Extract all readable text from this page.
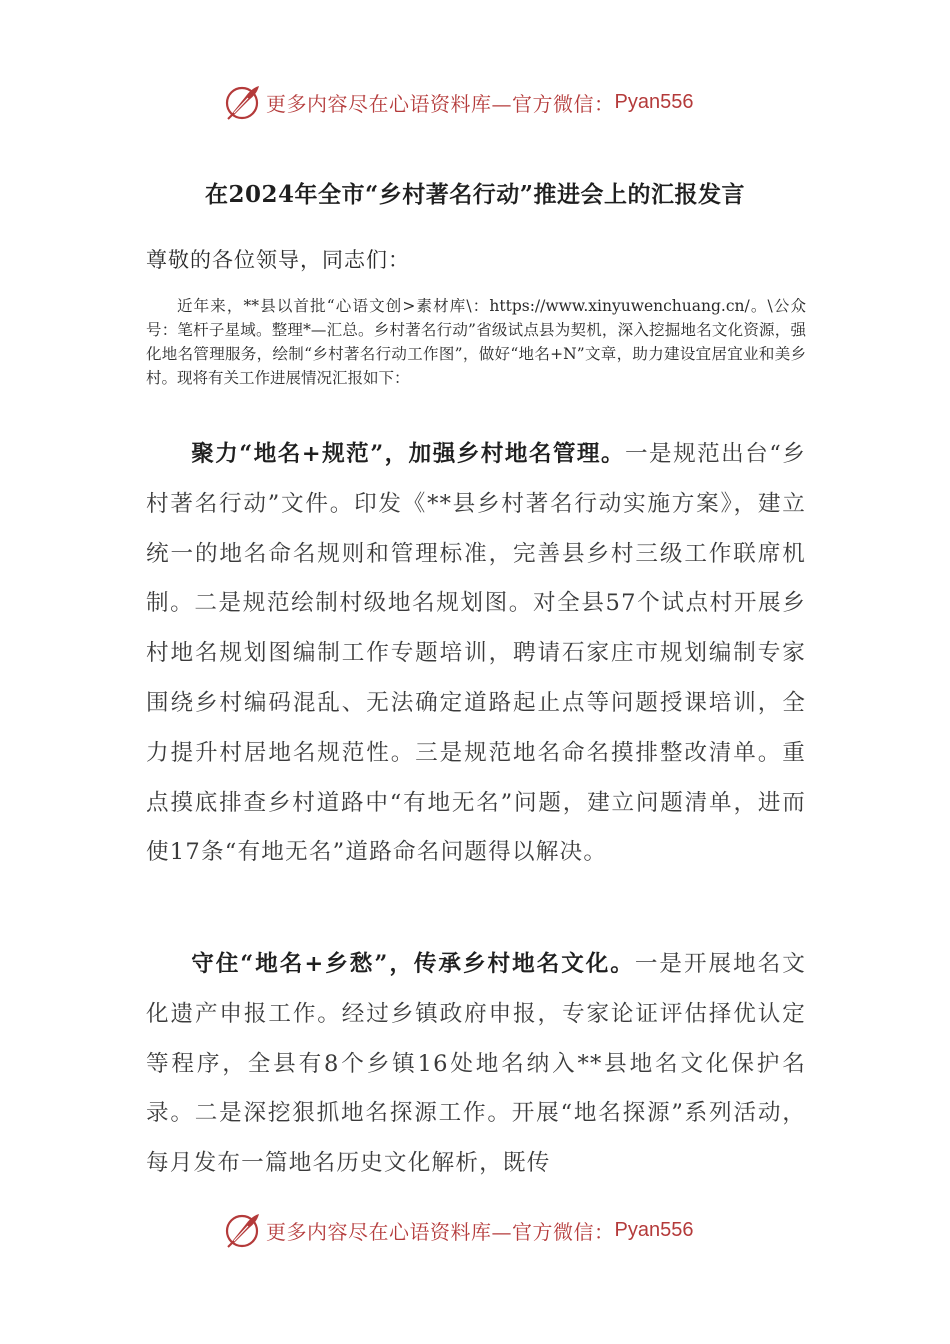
更多内容尽在心语资料库—官方微信： Pyan556
在2024年全市“乡村著名行动”推进会上的汇报发言
尊敬的各位领导，同志们：
近年来，**县以首批“心语文创>素材库\：https://www.xinyuwenchuang.cn/。\公众号：笔杆子星域。整理*—汇总。乡村著名行动”省级试点县为契机，深入挖掘地名文化资源，强化地名管理服务，绘制“乡村著名行动工作图”，做好“地名+N”文章，助力建设宜居宜业和美乡村。现将有关工作进展情况汇报如下：
聚力“地名+规范”，加强乡村地名管理。一是规范出台“乡村著名行动”文件。印发《**县乡村著名行动实施方案》，建立统一的地名命名规则和管理标准，完善县乡村三级工作联席机制。二是规范绘制村级地名规划图。对全县57个试点村开展乡村地名规划图编制工作专题培训，聘请石家庄市规划编制专家围绕乡村编码混乱、无法确定道路起止点等问题授课培训，全力提升村居地名规范性。三是规范地名命名摸排整改清单。重点摸底排查乡村道路中“有地无名”问题，建立问题清单，进而使17条“有地无名”道路命名问题得以解决。
守住“地名+乡愁”，传承乡村地名文化。一是开展地名文化遗产申报工作。经过乡镇政府申报，专家论证评估择优认定等程序，全县有8个乡镇16处地名纳入**县地名文化保护名录。二是深挖狠抓地名探源工作。开展“地名探源”系列活动，每月发布一篇地名历史文化解析，既传
更多内容尽在心语资料库—官方微信： Pyan556
